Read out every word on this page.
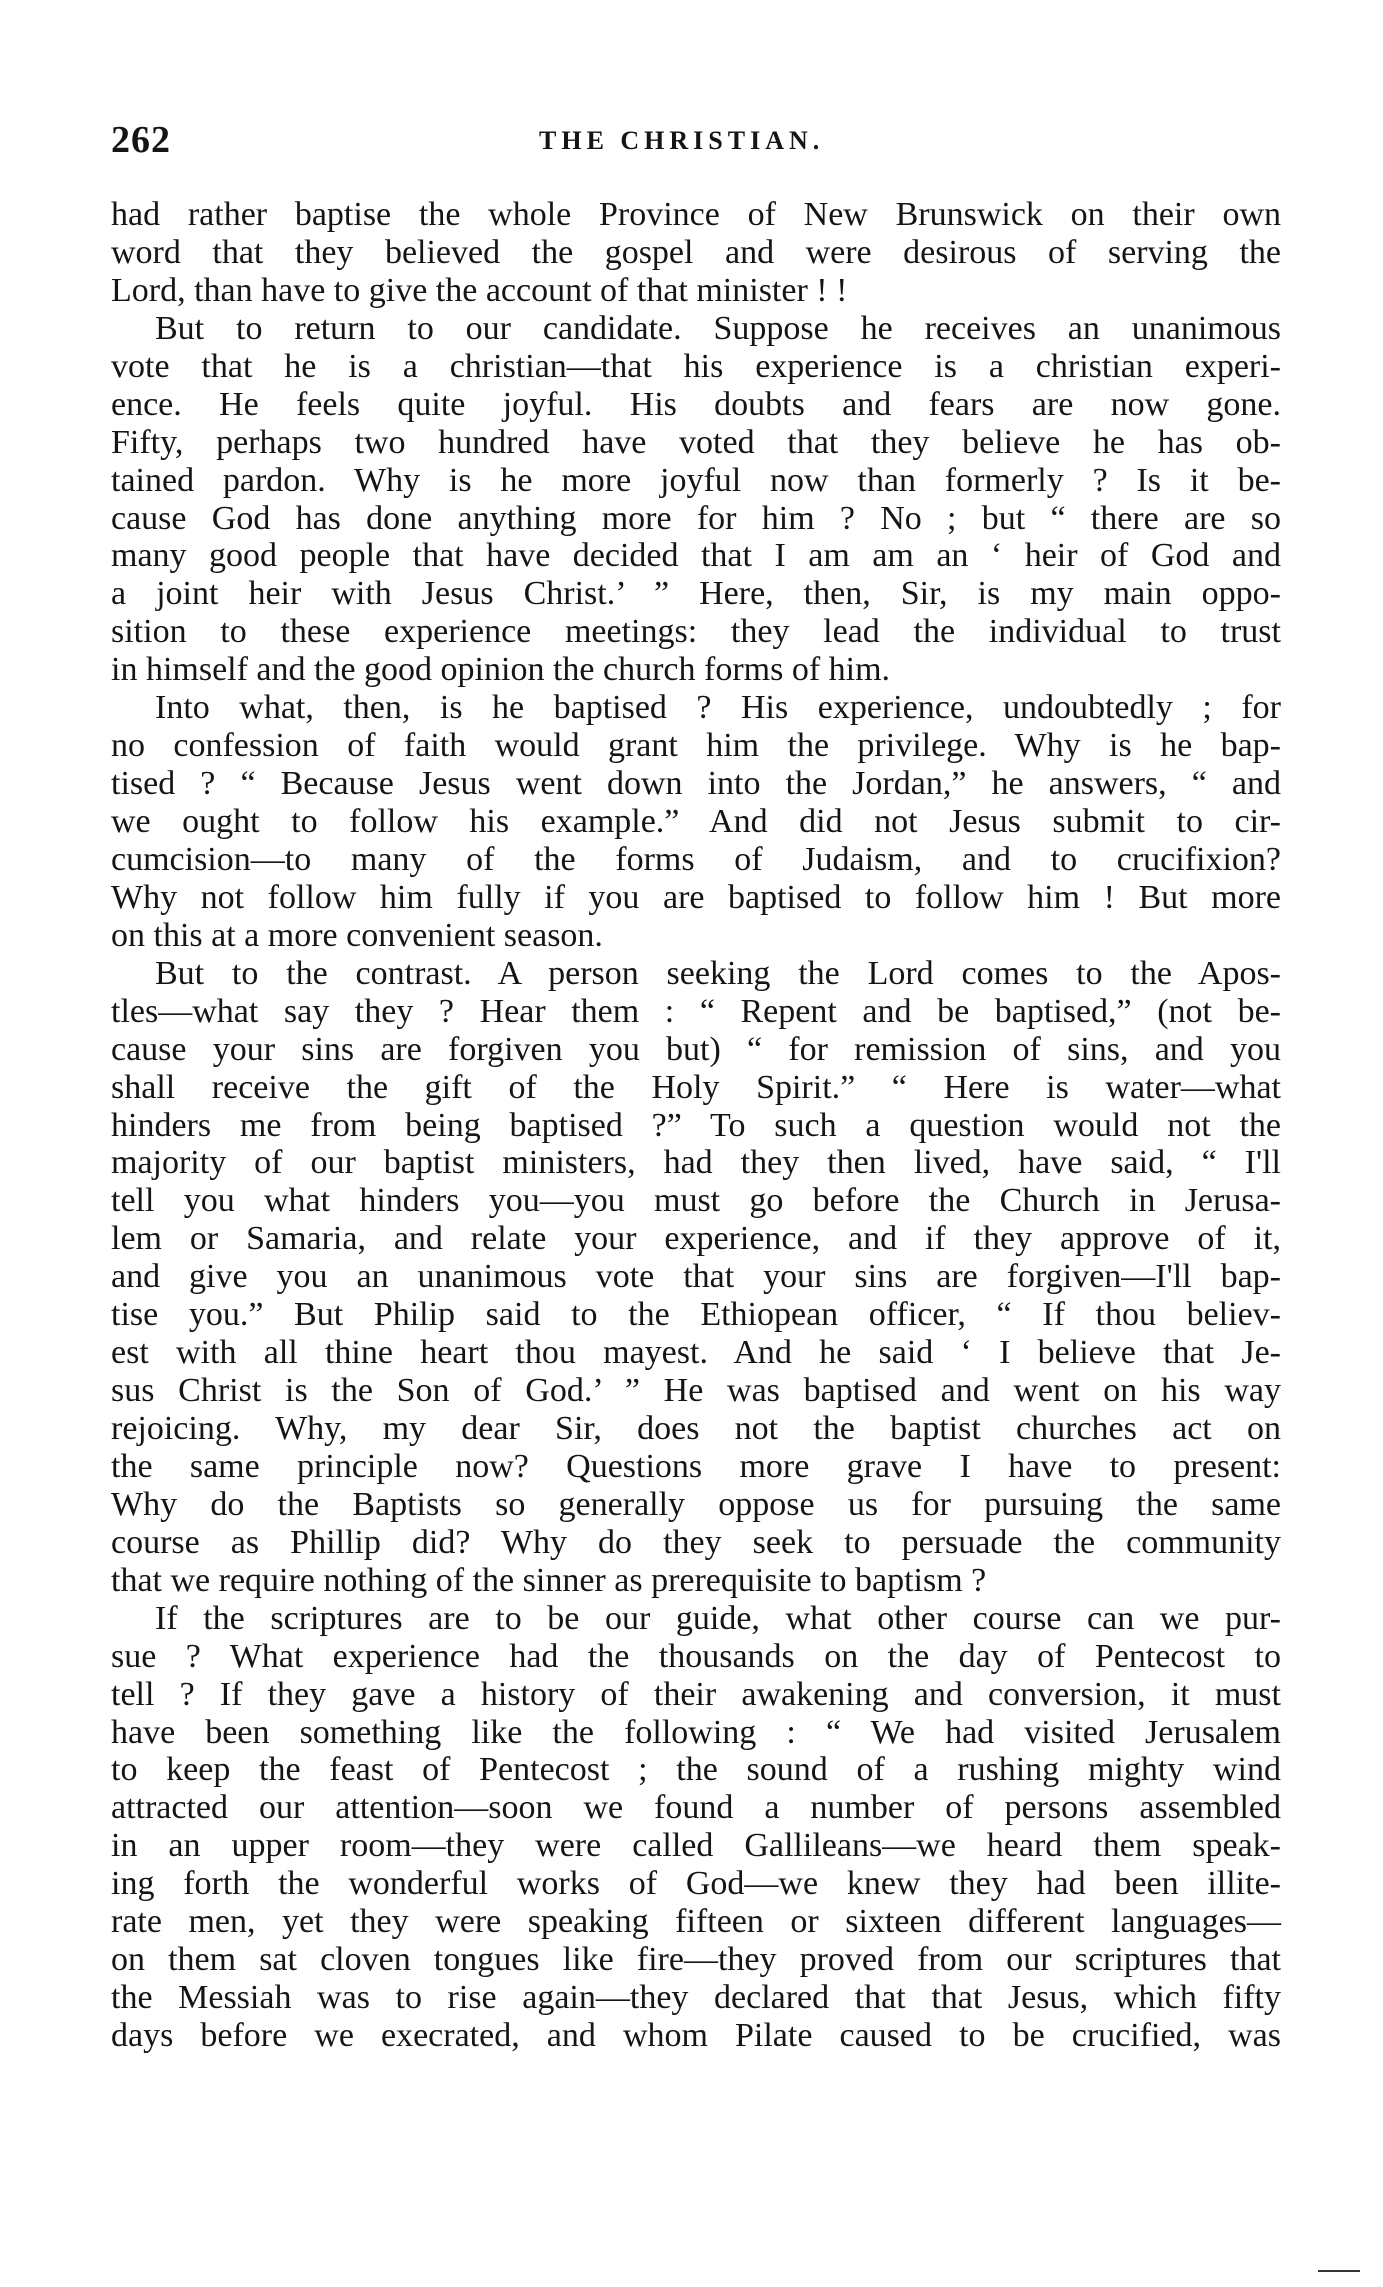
262	THE CHRISTIAN.
had rather baptise the whole Province of New Brunswick on their own
word that they believed the gospel and were desirous of serving the
Lord, than have to give the account of that minister ! !
But to return to our candidate. Suppose he receives an unanimous
vote that he is a christian—that his experience is a christian experi-
ence. He feels quite joyful. His doubts and fears are now gone.
Fifty, perhaps two hundred have voted that they believe he has ob-
tained pardon. Why is he more joyful now than formerly ? Is it be-
cause God has done anything more for him ? No ; but “ there are so
many good people that have decided that I am am an ‘ heir of God and
a joint heir with Jesus Christ.’ ” Here, then, Sir, is my main oppo-
sition to these experience meetings: they lead the individual to trust
in himself and the good opinion the church forms of him.
Into what, then, is he baptised ? His experience, undoubtedly ; for
no confession of faith would grant him the privilege. Why is he bap-
tised ? “ Because Jesus went down into the Jordan,” he answers, “ and
we ought to follow his example.” And did not Jesus submit to cir-
cumcision—to many of the forms of Judaism, and to crucifixion?
Why not follow him fully if you are baptised to follow him ! But more
on this at a more convenient season.
But to the contrast. A person seeking the Lord comes to the Apos-
tles—what say they ? Hear them : “ Repent and be baptised,” (not be-
cause your sins are forgiven you but) “ for remission of sins, and you
shall receive the gift of the Holy Spirit.” “ Here is water—what
hinders me from being baptised ?” To such a question would not the
majority of our baptist ministers, had they then lived, have said, “ I'll
tell you what hinders you—you must go before the Church in Jerusa-
lem or Samaria, and relate your experience, and if they approve of it,
and give you an unanimous vote that your sins are forgiven—I'll bap-
tise you.” But Philip said to the Ethiopean officer, “ If thou believ-
est with all thine heart thou mayest. And he said ‘ I believe that Je-
sus Christ is the Son of God.’ ” He was baptised and went on his way
rejoicing. Why, my dear Sir, does not the baptist churches act on
the same principle now? Questions more grave I have to present:
Why do the Baptists so generally oppose us for pursuing the same
course as Phillip did? Why do they seek to persuade the community
that we require nothing of the sinner as prerequisite to baptism ?
If the scriptures are to be our guide, what other course can we pur-
sue ? What experience had the thousands on the day of Pentecost to
tell ? If they gave a history of their awakening and conversion, it must
have been something like the following : “ We had visited Jerusalem
to keep the feast of Pentecost ; the sound of a rushing mighty wind
attracted our attention—soon we found a number of persons assembled
in an upper room—they were called Gallileans—we heard them speak-
ing forth the wonderful works of God—we knew they had been illite-
rate men, yet they were speaking fifteen or sixteen different languages—
on them sat cloven tongues like fire—they proved from our scriptures that
the Messiah was to rise again—they declared that that Jesus, which fifty
days before we execrated, and whom Pilate caused to be crucified, was
